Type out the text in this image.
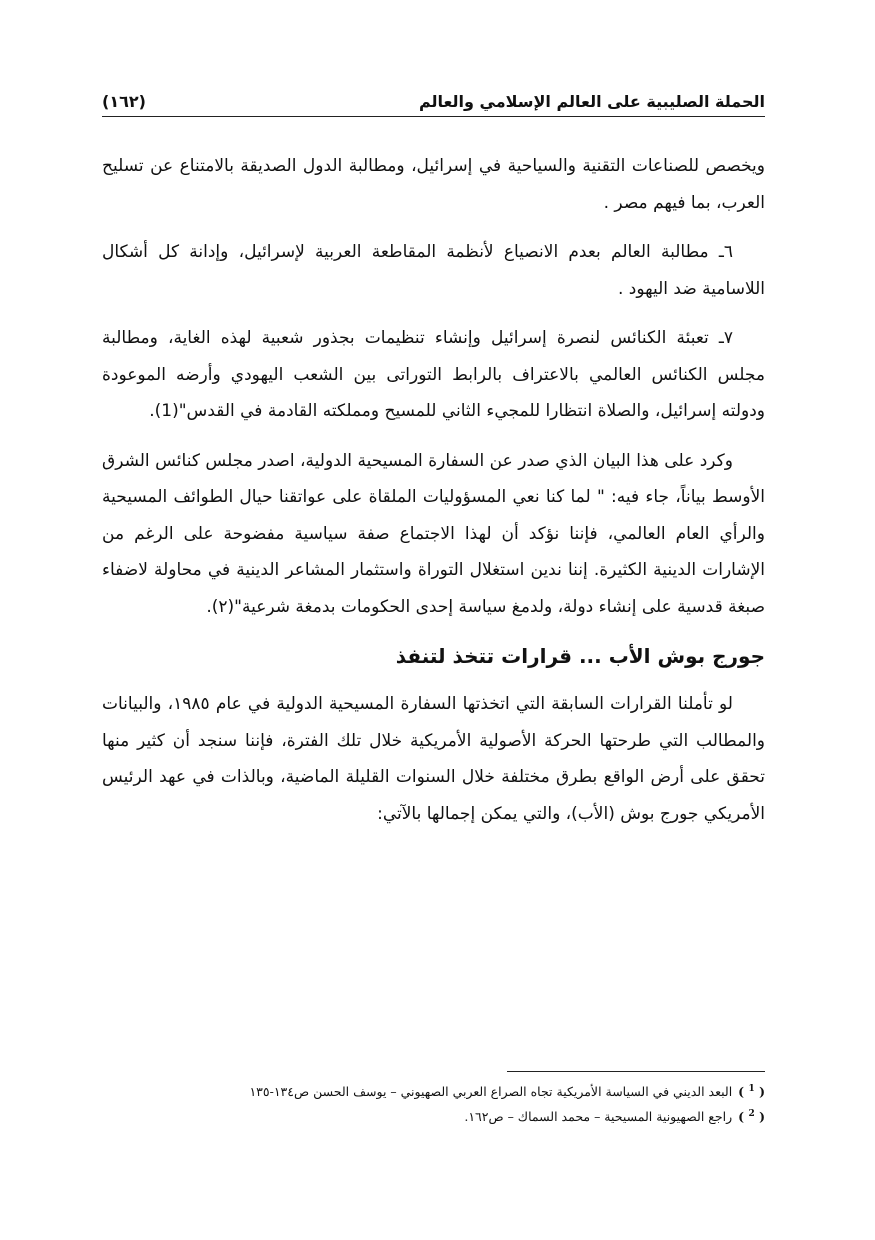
الحملة الصليبية على العالم الإسلامي والعالم
(١٦٢)

ويخصص للصناعات التقنية والسياحية في إسرائيل، ومطالبة الدول الصديقة بالامتناع عن تسليح العرب، بما فيهم مصر .

٦ـ مطالبة العالم بعدم الانصياع لأنظمة المقاطعة العربية لإسرائيل، وإدانة كل أشكال اللاسامية ضد اليهود .

٧ـ تعبئة الكنائس لنصرة إسرائيل وإنشاء تنظيمات بجذور شعبية لهذه الغاية، ومطالبة مجلس الكنائس العالمي بالاعتراف بالرابط التوراتى بين الشعب اليهودي وأرضه الموعودة ودولته إسرائيل، والصلاة انتظارا للمجيء الثاني للمسيح ومملكته القادمة في القدس"(1).

وكرد على هذا البيان الذي صدر عن السفارة المسيحية الدولية، اصدر مجلس كنائس الشرق الأوسط بياناً، جاء فيه: " لما كنا نعي المسؤوليات الملقاة على عواتقنا حيال الطوائف المسيحية والرأي العام العالمي، فإننا نؤكد أن لهذا الاجتماع صفة سياسية مفضوحة على الرغم من الإشارات الدينية الكثيرة. إننا ندين استغلال التوراة واستثمار المشاعر الدينية في محاولة لاضفاء صبغة قدسية على إنشاء دولة، ولدمغ سياسة إحدى الحكومات بدمغة شرعية"(٢).

جورج بوش الأب ... قرارات تتخذ لتنفذ

لو تأملنا القرارات السابقة التي اتخذتها السفارة المسيحية الدولية في عام ١٩٨٥، والبيانات والمطالب التي طرحتها الحركة الأصولية الأمريكية خلال تلك الفترة، فإننا سنجد أن كثير منها تحقق على أرض الواقع بطرق مختلفة خلال السنوات القليلة الماضية، وبالذات في عهد الرئيس الأمريكي جورج بوش (الأب)، والتي يمكن إجمالها بالآتي:

( $^1$ )
البعد الديني في السياسة الأمريكية تجاه الصراع العربي الصهيوني – يوسف الحسن ص١٣٤-١٣٥
( $^2$ )
راجع الصهيونية المسيحية – محمد السماك – ص١٦٢.
